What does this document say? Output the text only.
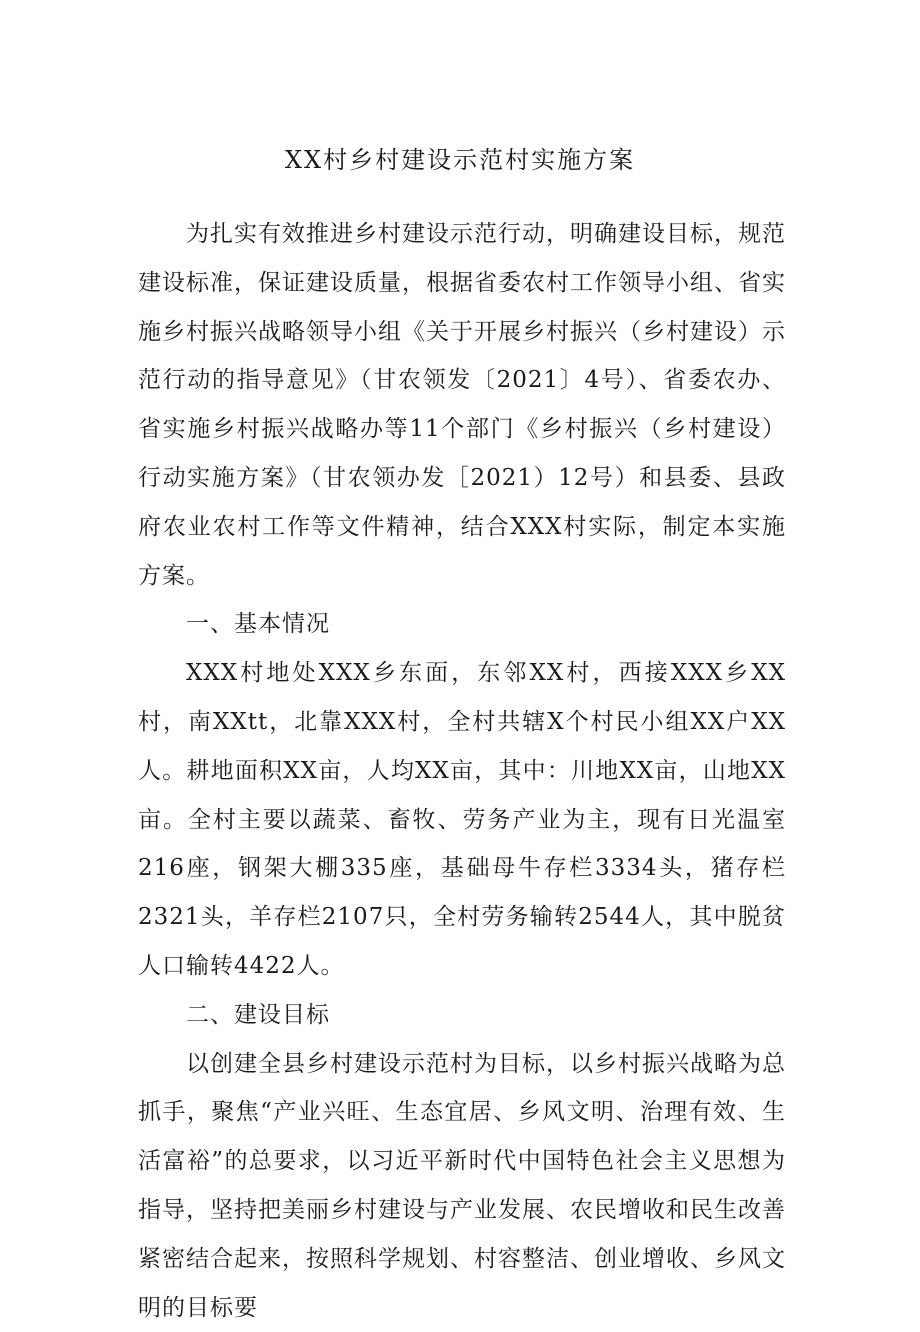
XX村乡村建设示范村实施方案

为扎实有效推进乡村建设示范行动，明确建设目标，规范建设标准，保证建设质量，根据省委农村工作领导小组、省实施乡村振兴战略领导小组《关于开展乡村振兴（乡村建设）示范行动的指导意见》（甘农领发〔2021〕4号）、省委农办、省实施乡村振兴战略办等11个部门《乡村振兴（乡村建设）行动实施方案》（甘农领办发［2021）12号）和县委、县政府农业农村工作等文件精神，结合XXX村实际，制定本实施方案。

一、基本情况

XXX村地处XXX乡东面，东邻XX村，西接XXX乡XX村，南XXtt，北靠XXX村，全村共辖X个村民小组XX户XX人。耕地面积XX亩，人均XX亩，其中：川地XX亩，山地XX亩。全村主要以蔬菜、畜牧、劳务产业为主，现有日光温室216座，钢架大棚335座，基础母牛存栏3334头，猪存栏2321头，羊存栏2107只，全村劳务输转2544人，其中脱贫人口输转4422人。

二、建设目标

以创建全县乡村建设示范村为目标，以乡村振兴战略为总抓手，聚焦“产业兴旺、生态宜居、乡风文明、治理有效、生活富裕”的总要求，以习近平新时代中国特色社会主义思想为指导，坚持把美丽乡村建设与产业发展、农民增收和民生改善紧密结合起来，按照科学规划、村容整洁、创业增收、乡风文明的目标要
